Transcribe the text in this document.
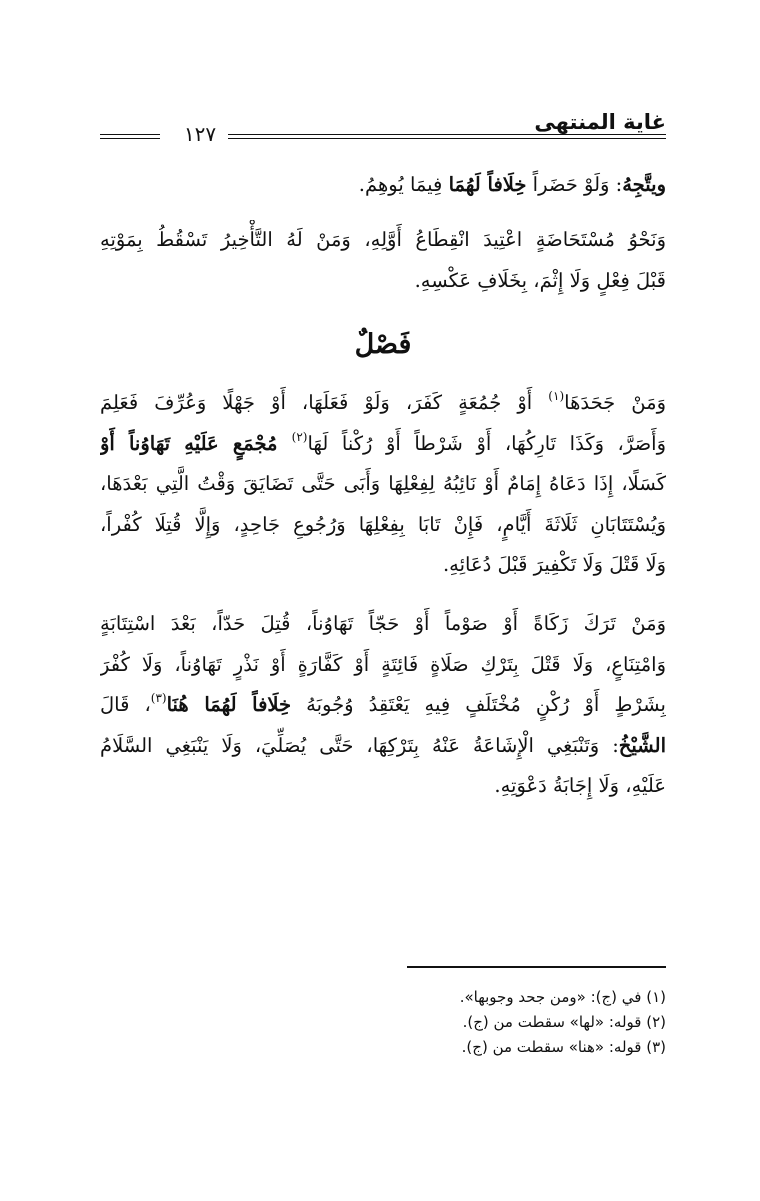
١٢٧	غاية المنتهى
ويتَّجِهُ: وَلَوْ حَضَراً خِلَافاً لَهُمَا فِيمَا يُوهِمُ.
وَنَحْوُ مُسْتَحَاضَةٍ اعْتِيدَ انْقِطَاعُ أَوَّلِهِ، وَمَنْ لَهُ التَّأْخِيرُ تَسْقُطُ بِمَوْتِهِ
قَبْلَ فِعْلٍ وَلَا إِثْمَ، بِخَلَافِ عَكْسِهِ.
فَصْلٌ
وَمَنْ جَحَدَهَا$^{(١)}$ أَوْ جُمُعَةٍ كَفَرَ، وَلَوْ فَعَلَهَا، أَوْ جَهْلًا وَعُرِّفَ فَعَلِمَ
وَأَصَرَّ، وَكَذَا تَارِكُهَا، أَوْ شَرْطاً أَوْ رُكْناً لَهَا$^{(٢)}$ مُجْمَعٍ عَلَيْهِ تَهَاوُناً أَوْ
كَسَلًا، إِذَا دَعَاهُ إِمَامٌ أَوْ نَائِبُهُ لِفِعْلِهَا وَأَبَى حَتَّى تَضَايَقَ وَقْتُ الَّتِي بَعْدَهَا،
وَيُسْتَتَابَانِ ثَلَاثَةَ أَيَّامٍ، فَإِنْ تَابَا بِفِعْلِهَا وَرُجُوعِ جَاحِدٍ، وَإِلَّا قُتِلَا كُفْراً،
وَلَا قَتْلَ وَلَا تَكْفِيرَ قَبْلَ دُعَائِهِ.
وَمَنْ تَرَكَ زَكَاةً أَوْ صَوْماً أَوْ حَجّاً تَهَاوُناً، قُتِلَ حَدّاً، بَعْدَ اسْتِتَابَةٍ
وَامْتِنَاعٍ، وَلَا قَتْلَ بِتَرْكِ صَلَاةٍ فَائِتَةٍ أَوْ كَفَّارَةٍ أَوْ نَذْرٍ تَهَاوُناً، وَلَا كُفْرَ
بِشَرْطٍ أَوْ رُكْنٍ مُخْتَلَفٍ فِيهِ يَعْتَقِدُ وُجُوبَهُ خِلَافاً لَهُمَا هُنَا$^{(٣)}$، قَالَ
الشَّيْخُ: وَتَنْبَغِي الْإِشَاعَةُ عَنْهُ بِتَرْكِهَا، حَتَّى يُصَلِّيَ، وَلَا يَنْبَغِي السَّلَامُ
عَلَيْهِ، وَلَا إِجَابَةُ دَعْوَتِهِ.
(١) في (ج): «ومن جحد وجوبها».
(٢) قوله: «لها» سقطت من (ج).
(٣) قوله: «هنا» سقطت من (ج).
